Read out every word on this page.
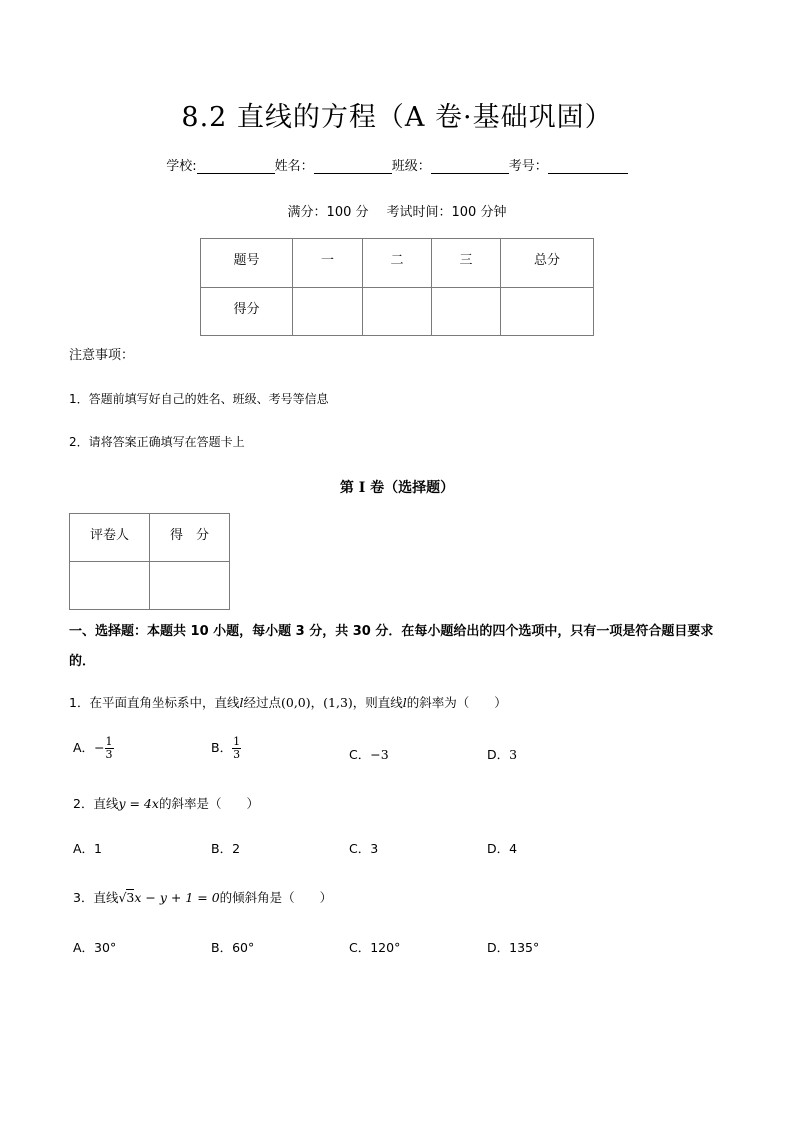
8.2 直线的方程（A 卷·基础巩固）
学校:	姓名：	班级：	考号：
满分：100 分 考试时间：100 分钟
题号	一	二	三	总分
得分				
注意事项：
1．答题前填写好自己的姓名、班级、考号等信息
2．请将答案正确填写在答题卡上
第 I 卷（选择题）
评卷人	得　分

一、选择题：本题共 10 小题，每小题 3 分，共 30 分．在每小题给出的四个选项中，只有一项是符合题目要求的．
1．在平面直角坐标系中，直线l经过点(0,0)，(1,3)，则直线l的斜率为（　　）
A．− $\frac{1}{3}$	B． $\frac{1}{3}$	C．−3	D．3
2．直线y = 4x的斜率是（　　）
A．1	B．2	C．3	D．4
3．直线√3x − y + 1 = 0的倾斜角是（　　）
A．30°	B．60°	C．120°	D．135°
